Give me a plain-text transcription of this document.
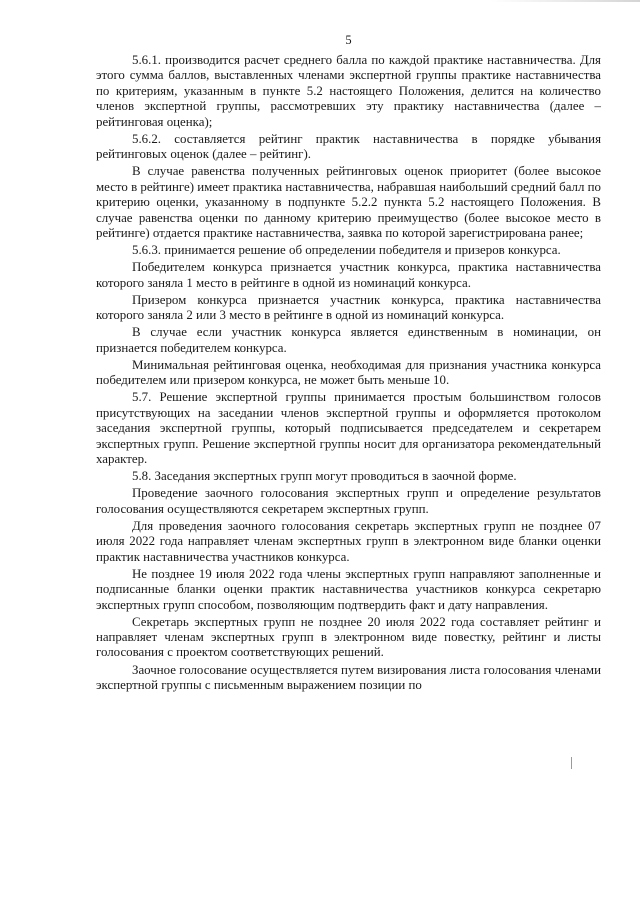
5

5.6.1. производится расчет среднего балла по каждой практике наставничества. Для этого сумма баллов, выставленных членами экспертной группы практике наставничества по критериям, указанным в пункте 5.2 настоящего Положения, делится на количество членов экспертной группы, рассмотревших эту практику наставничества (далее – рейтинговая оценка);

5.6.2. составляется рейтинг практик наставничества в порядке убывания рейтинговых оценок (далее – рейтинг).

В случае равенства полученных рейтинговых оценок приоритет (более высокое место в рейтинге) имеет практика наставничества, набравшая наибольший средний балл по критерию оценки, указанному в подпункте 5.2.2 пункта 5.2 настоящего Положения. В случае равенства оценки по данному критерию преимущество (более высокое место в рейтинге) отдается практике наставничества, заявка по которой зарегистрирована ранее;

5.6.3. принимается решение об определении победителя и призеров конкурса.

Победителем конкурса признается участник конкурса, практика наставничества которого заняла 1 место в рейтинге в одной из номинаций конкурса.

Призером конкурса признается участник конкурса, практика наставничества которого заняла 2 или 3 место в рейтинге в одной из номинаций конкурса.

В случае если участник конкурса является единственным в номинации, он признается победителем конкурса.

Минимальная рейтинговая оценка, необходимая для признания участника конкурса победителем или призером конкурса, не может быть меньше 10.

5.7. Решение экспертной группы принимается простым большинством голосов присутствующих на заседании членов экспертной группы и оформляется протоколом заседания экспертной группы, который подписывается председателем и секретарем экспертных групп. Решение экспертной группы носит для организатора рекомендательный характер.

5.8. Заседания экспертных групп могут проводиться в заочной форме.

Проведение заочного голосования экспертных групп и определение результатов голосования осуществляются секретарем экспертных групп.

Для проведения заочного голосования секретарь экспертных групп не позднее 07 июля 2022 года направляет членам экспертных групп в электронном виде бланки оценки практик наставничества участников конкурса.

Не позднее 19 июля 2022 года члены экспертных групп направляют заполненные и подписанные бланки оценки практик наставничества участников конкурса секретарю экспертных групп способом, позволяющим подтвердить факт и дату направления.

Секретарь экспертных групп не позднее 20 июля 2022 года составляет рейтинг и направляет членам экспертных групп в электронном виде повестку, рейтинг и листы голосования с проектом соответствующих решений.

Заочное голосование осуществляется путем визирования листа голосования членами экспертной группы с письменным выражением позиции по
